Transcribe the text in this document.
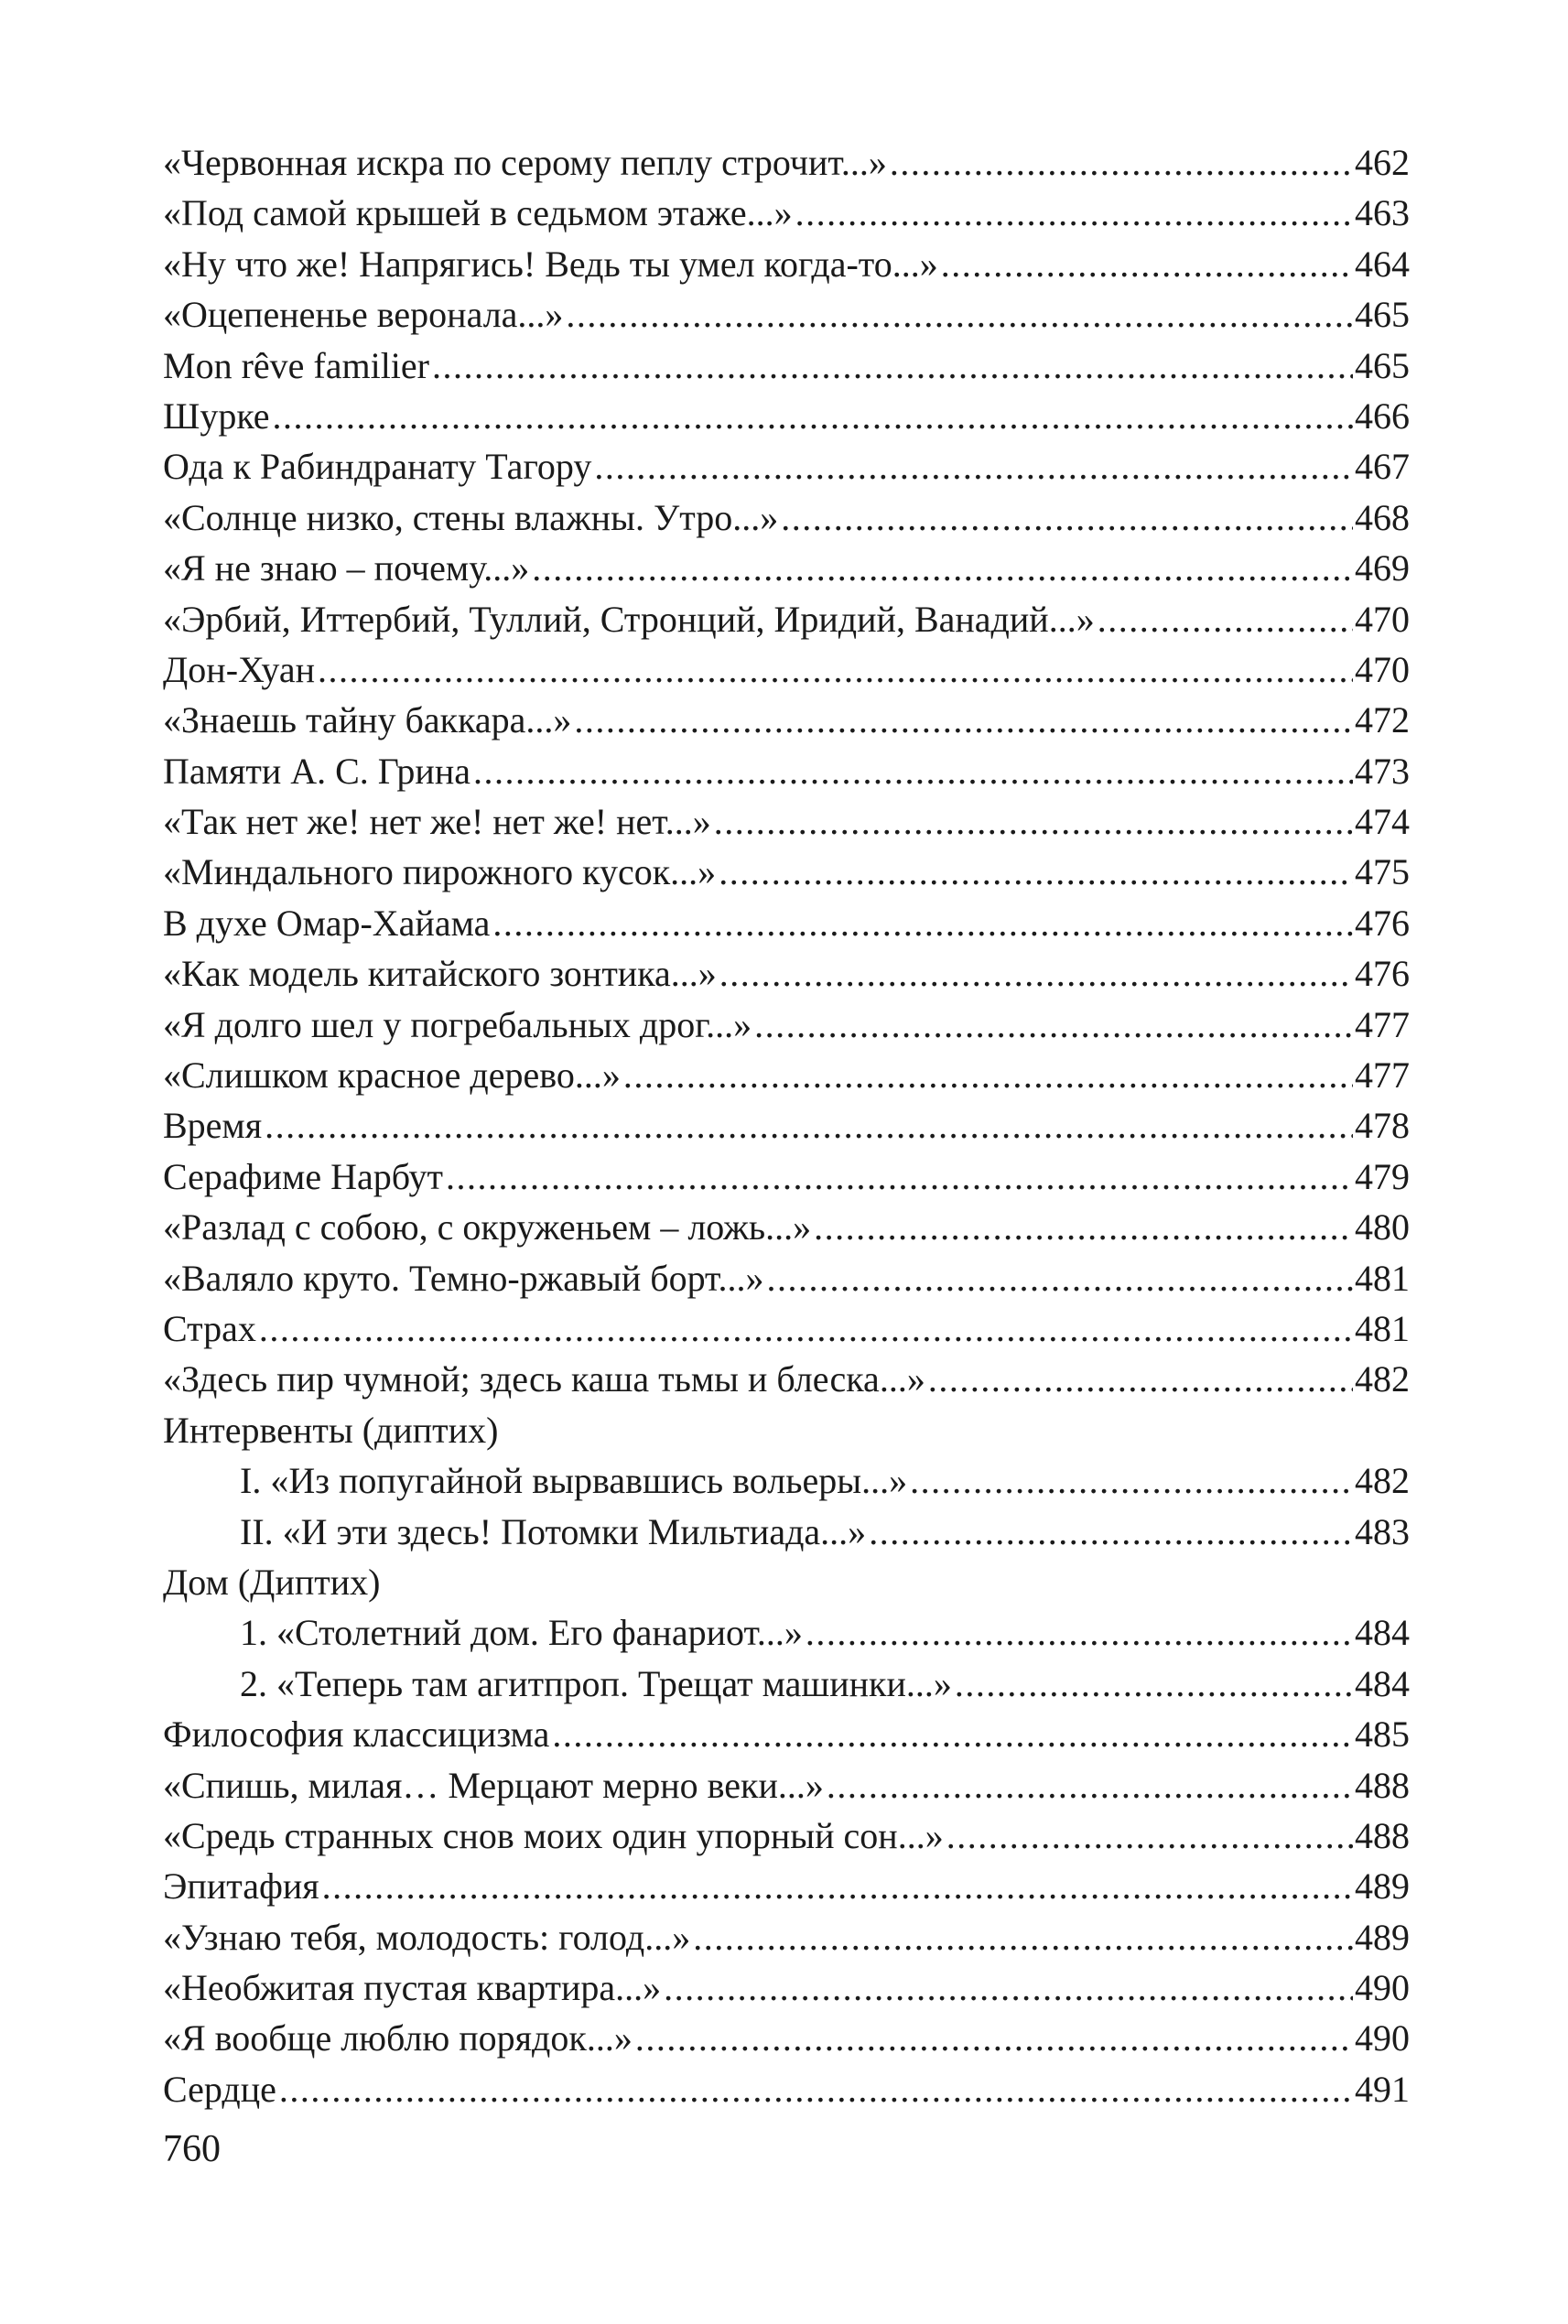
«Червонная искра по серому пеплу строчит...» .....	462
«Под самой крышей в седьмом этаже...» .....	463
«Ну что же! Напрягись! Ведь ты умел когда-то...» .....	464
«Оцепененье веронала...» .....	465
Mon rêve familier .....	465
Шурке .....	466
Ода к Рабиндранату Тагору .....	467
«Солнце низко, стены влажны. Утро...» .....	468
«Я не знаю – почему...» .....	469
«Эрбий, Иттербий, Туллий, Стронций, Иридий, Ванадий...» .....	470
Дон-Хуан .....	470
«Знаешь тайну баккара...» .....	472
Памяти А. С. Грина .....	473
«Так нет же! нет же! нет же! нет...» .....	474
«Миндального пирожного кусок...» .....	475
В духе Омар-Хайама .....	476
«Как модель китайского зонтика...» .....	476
«Я долго шел у погребальных дрог...» .....	477
«Слишком красное дерево...» .....	477
Время .....	478
Серафиме Нарбут .....	479
«Разлад с собою, с окруженьем – ложь...» .....	480
«Валяло круто. Темно-ржавый борт...» .....	481
Страх .....	481
«Здесь пир чумной; здесь каша тьмы и блеска...» .....	482
Интервенты (диптих)
I. «Из попугайной вырвавшись вольеры...» .....	482
II. «И эти здесь! Потомки Мильтиада...» .....	483
Дом (Диптих)
1. «Столетний дом. Его фанариот...» .....	484
2. «Теперь там агитпроп. Трещат машинки...» .....	484
Философия классицизма .....	485
«Спишь, милая… Мерцают мерно веки...» .....	488
«Средь странных снов моих один упорный сон...» .....	488
Эпитафия .....	489
«Узнаю тебя, молодость: голод...» .....	489
«Необжитая пустая квартира...» .....	490
«Я вообще люблю порядок...» .....	490
Сердце .....	491
760
